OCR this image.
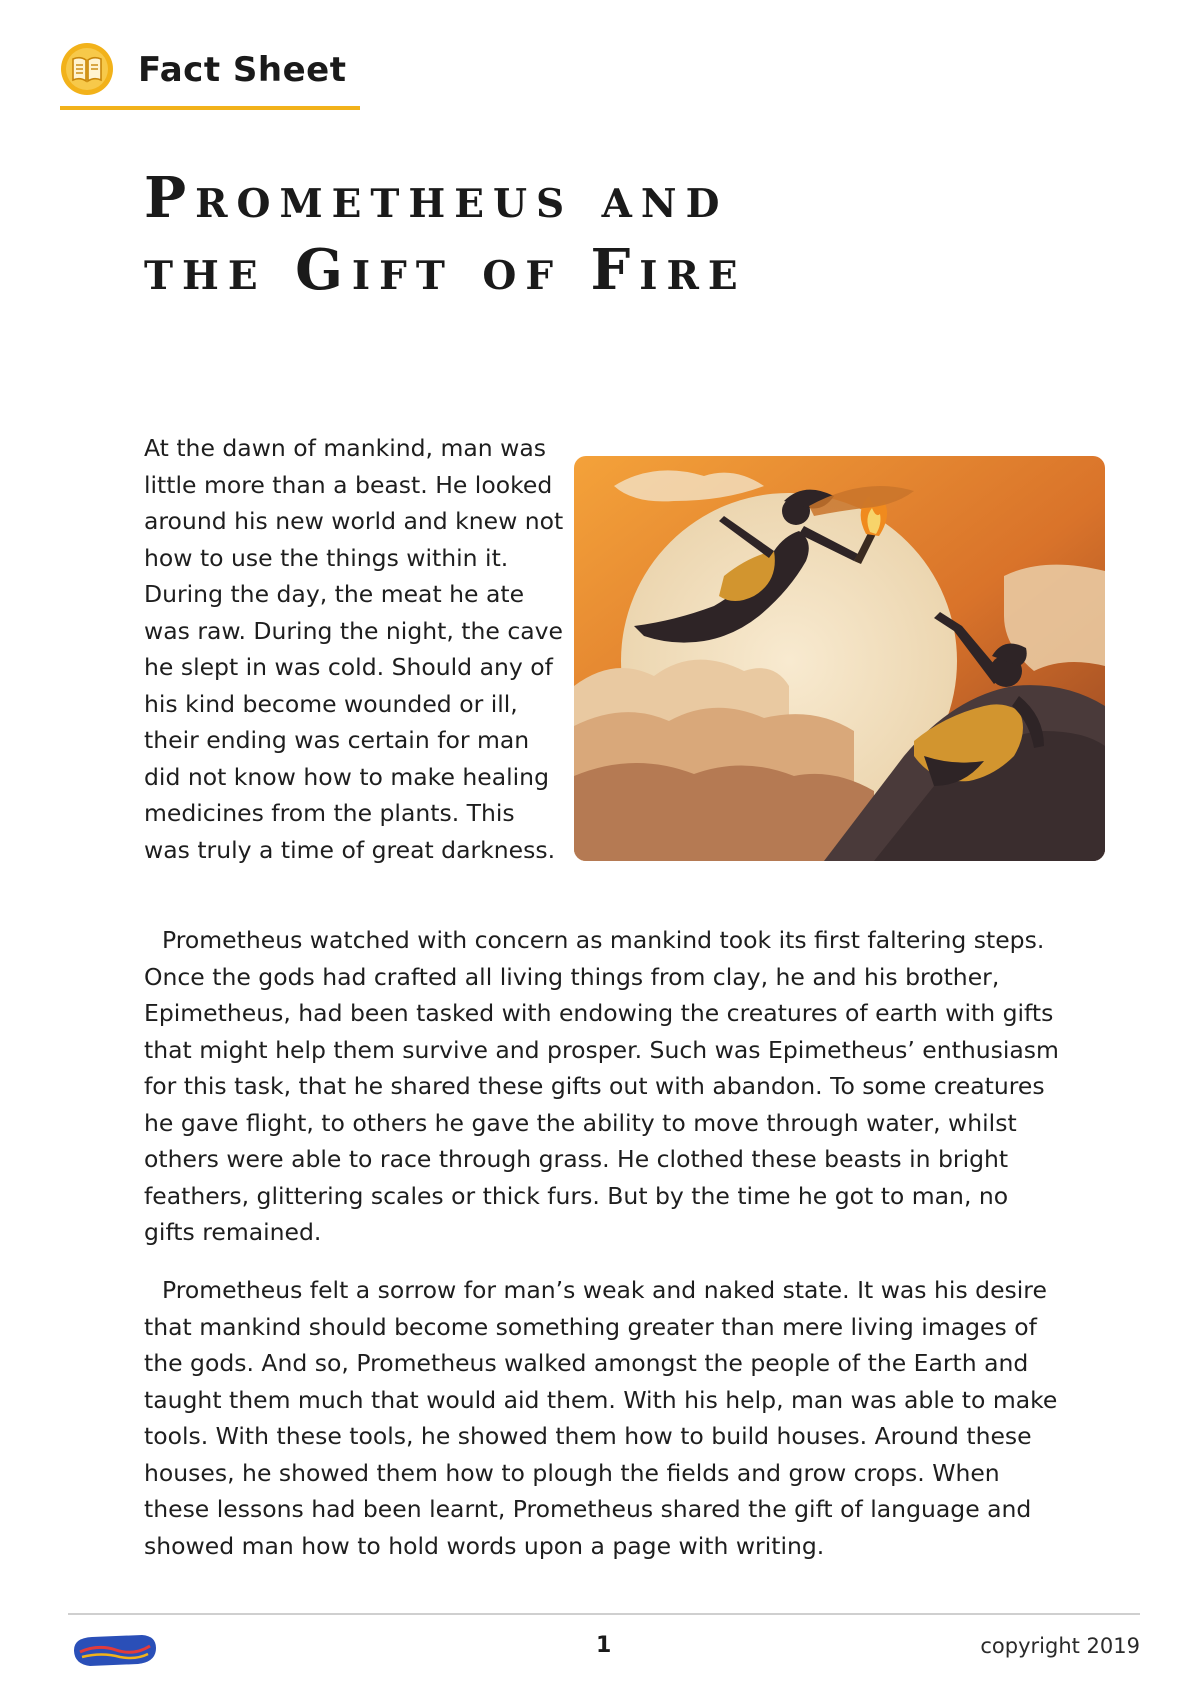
Fact Sheet
Prometheus and the Gift of Fire

At the dawn of mankind, man was little more than a beast. He looked around his new world and knew not how to use the things within it. During the day, the meat he ate was raw. During the night, the cave he slept in was cold. Should any of his kind become wounded or ill, their ending was certain for man did not know how to make healing medicines from the plants. This was truly a time of great darkness.

Prometheus watched with concern as mankind took its first faltering steps. Once the gods had crafted all living things from clay, he and his brother, Epimetheus, had been tasked with endowing the creatures of earth with gifts that might help them survive and prosper. Such was Epimetheus’ enthusiasm for this task, that he shared these gifts out with abandon. To some creatures he gave flight, to others he gave the ability to move through water, whilst others were able to race through grass. He clothed these beasts in bright feathers, glittering scales or thick furs. But by the time he got to man, no gifts remained.

Prometheus felt a sorrow for man’s weak and naked state. It was his desire that mankind should become something greater than mere living images of the gods. And so, Prometheus walked amongst the people of the Earth and taught them much that would aid them. With his help, man was able to make tools. With these tools, he showed them how to build houses. Around these houses, he showed them how to plough the fields and grow crops. When these lessons had been learnt, Prometheus shared the gift of language and showed man how to hold words upon a page with writing.

1	copyright 2019
